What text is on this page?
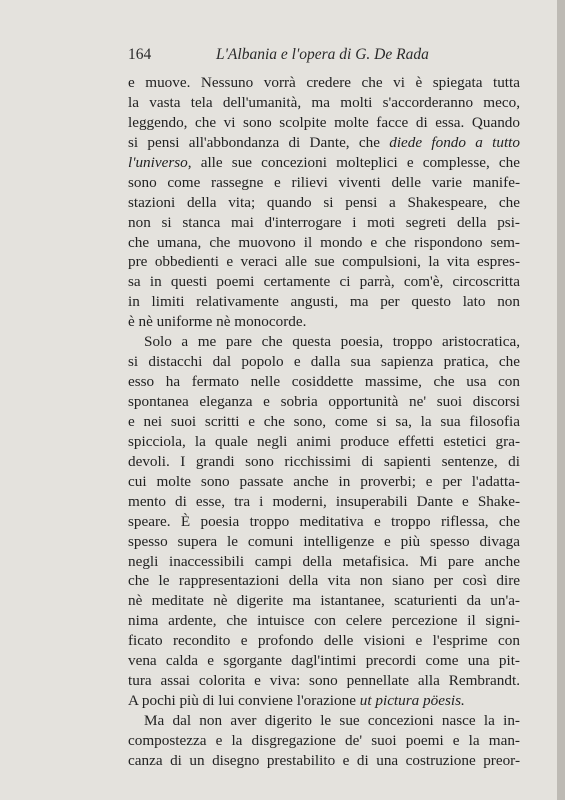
164	L'Albania e l'opera di G. De Rada
e muove. Nessuno vorrà credere che vi è spiegata tutta
la vasta tela dell'umanità, ma molti s'accorderanno meco,
leggendo, che vi sono scolpite molte facce di essa. Quando
si pensi all'abbondanza di Dante, che diede fondo a tutto
l'universo, alle sue concezioni molteplici e complesse, che
sono come rassegne e rilievi viventi delle varie manife-
stazioni della vita; quando si pensi a Shakespeare, che
non si stanca mai d'interrogare i moti segreti della psi-
che umana, che muovono il mondo e che rispondono sem-
pre obbedienti e veraci alle sue compulsioni, la vita espres-
sa in questi poemi certamente ci parrà, com'è, circoscritta
in limiti relativamente angusti, ma per questo lato non
è nè uniforme nè monocorde.
Solo a me pare che questa poesia, troppo aristocratica,
si distacchi dal popolo e dalla sua sapienza pratica, che
esso ha fermato nelle cosiddette massime, che usa con
spontanea eleganza e sobria opportunità ne' suoi discorsi
e nei suoi scritti e che sono, come si sa, la sua filosofia
spicciola, la quale negli animi produce effetti estetici gra-
devoli. I grandi sono ricchissimi di sapienti sentenze, di
cui molte sono passate anche in proverbi; e per l'adatta-
mento di esse, tra i moderni, insuperabili Dante e Shake-
speare. È poesia troppo meditativa e troppo riflessa, che
spesso supera le comuni intelligenze e più spesso divaga
negli inaccessibili campi della metafisica. Mi pare anche
che le rappresentazioni della vita non siano per così dire
nè meditate nè digerite ma istantanee, scaturienti da un'a-
nima ardente, che intuisce con celere percezione il signi-
ficato recondito e profondo delle visioni e l'esprime con
vena calda e sgorgante dagl'intimi precordi come una pit-
tura assai colorita e viva: sono pennellate alla Rembrandt.
A pochi più di lui conviene l'orazione ut pictura pöesis.
Ma dal non aver digerito le sue concezioni nasce la in-
compostezza e la disgregazione de' suoi poemi e la man-
canza di un disegno prestabilito e di una costruzione preor-
